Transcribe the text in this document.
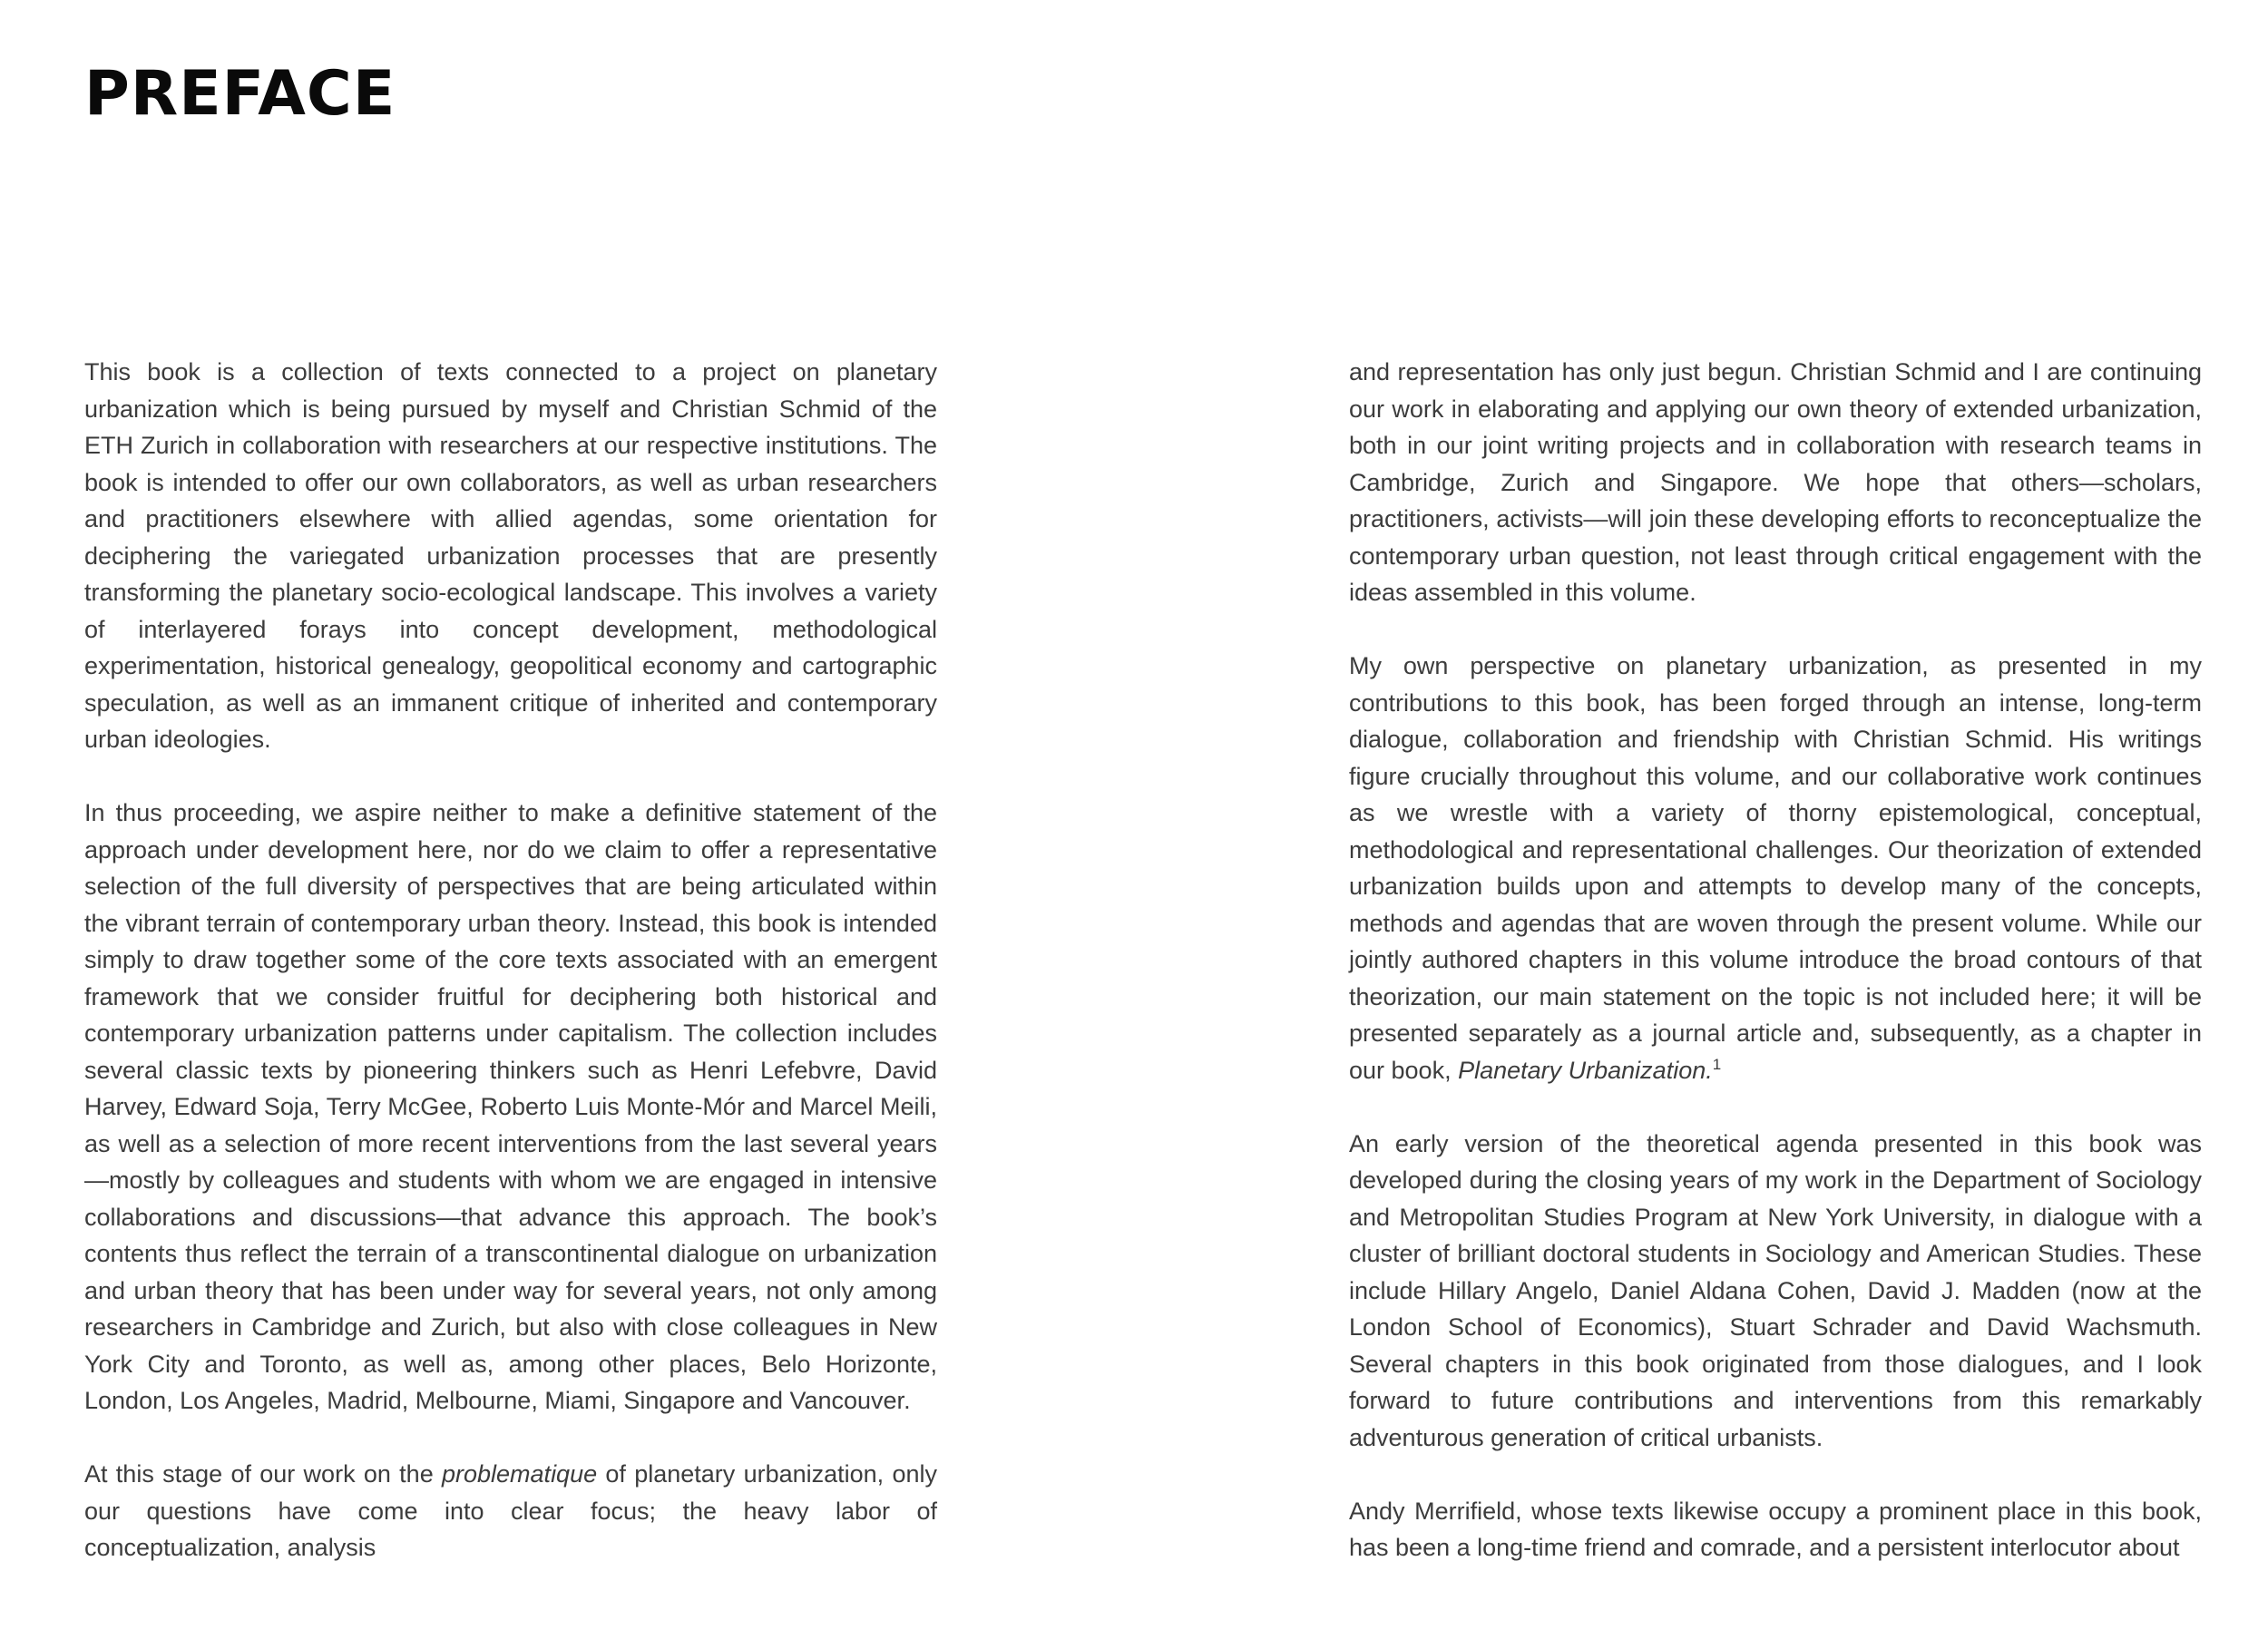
PREFACE

This book is a collection of texts connected to a project on planetary urbanization which is being pursued by myself and Christian Schmid of the ETH Zurich in collaboration with researchers at our respective institutions. The book is intended to offer our own collaborators, as well as urban researchers and practitioners elsewhere with allied agendas, some orientation for deciphering the variegated urbanization processes that are presently transforming the planetary socio-ecological landscape. This involves a variety of interlayered forays into concept development, methodological experimentation, historical genealogy, geopolitical economy and cartographic speculation, as well as an immanent critique of inherited and contemporary urban ideologies.

In thus proceeding, we aspire neither to make a definitive statement of the approach under development here, nor do we claim to offer a representative selection of the full diversity of perspectives that are being articulated within the vibrant terrain of contemporary urban theory. Instead, this book is intended simply to draw together some of the core texts associated with an emergent framework that we consider fruitful for deciphering both historical and contemporary urbanization patterns under capitalism. The collection includes several classic texts by pioneering thinkers such as Henri Lefebvre, David Harvey, Edward Soja, Terry McGee, Roberto Luis Monte-Mór and Marcel Meili, as well as a selection of more recent interventions from the last several years—mostly by colleagues and students with whom we are engaged in intensive collaborations and discussions—that advance this approach. The book’s contents thus reflect the terrain of a transcontinental dialogue on urbanization and urban theory that has been under way for several years, not only among researchers in Cambridge and Zurich, but also with close colleagues in New York City and Toronto, as well as, among other places, Belo Horizonte, London, Los Angeles, Madrid, Melbourne, Miami, Singapore and Vancouver.

At this stage of our work on the problematique of planetary urbanization, only our questions have come into clear focus; the heavy labor of conceptualization, analysis

and representation has only just begun. Christian Schmid and I are continuing our work in elaborating and applying our own theory of extended urbanization, both in our joint writing projects and in collaboration with research teams in Cambridge, Zurich and Singapore. We hope that others—scholars, practitioners, activists—will join these developing efforts to reconceptualize the contemporary urban question, not least through critical engagement with the ideas assembled in this volume.

My own perspective on planetary urbanization, as presented in my contributions to this book, has been forged through an intense, long-term dialogue, collaboration and friendship with Christian Schmid. His writings figure crucially throughout this volume, and our collaborative work continues as we wrestle with a variety of thorny epistemological, conceptual, methodological and representational challenges. Our theorization of extended urbanization builds upon and attempts to develop many of the concepts, methods and agendas that are woven through the present volume. While our jointly authored chapters in this volume introduce the broad contours of that theorization, our main statement on the topic is not included here; it will be presented separately as a journal article and, subsequently, as a chapter in our book, Planetary Urbanization.$^1$

An early version of the theoretical agenda presented in this book was developed during the closing years of my work in the Department of Sociology and Metropolitan Studies Program at New York University, in dialogue with a cluster of brilliant doctoral students in Sociology and American Studies. These include Hillary Angelo, Daniel Aldana Cohen, David J. Madden (now at the London School of Economics), Stuart Schrader and David Wachsmuth. Several chapters in this book originated from those dialogues, and I look forward to future contributions and interventions from this remarkably adventurous generation of critical urbanists.

Andy Merrifield, whose texts likewise occupy a prominent place in this book, has been a long-time friend and comrade, and a persistent interlocutor about
